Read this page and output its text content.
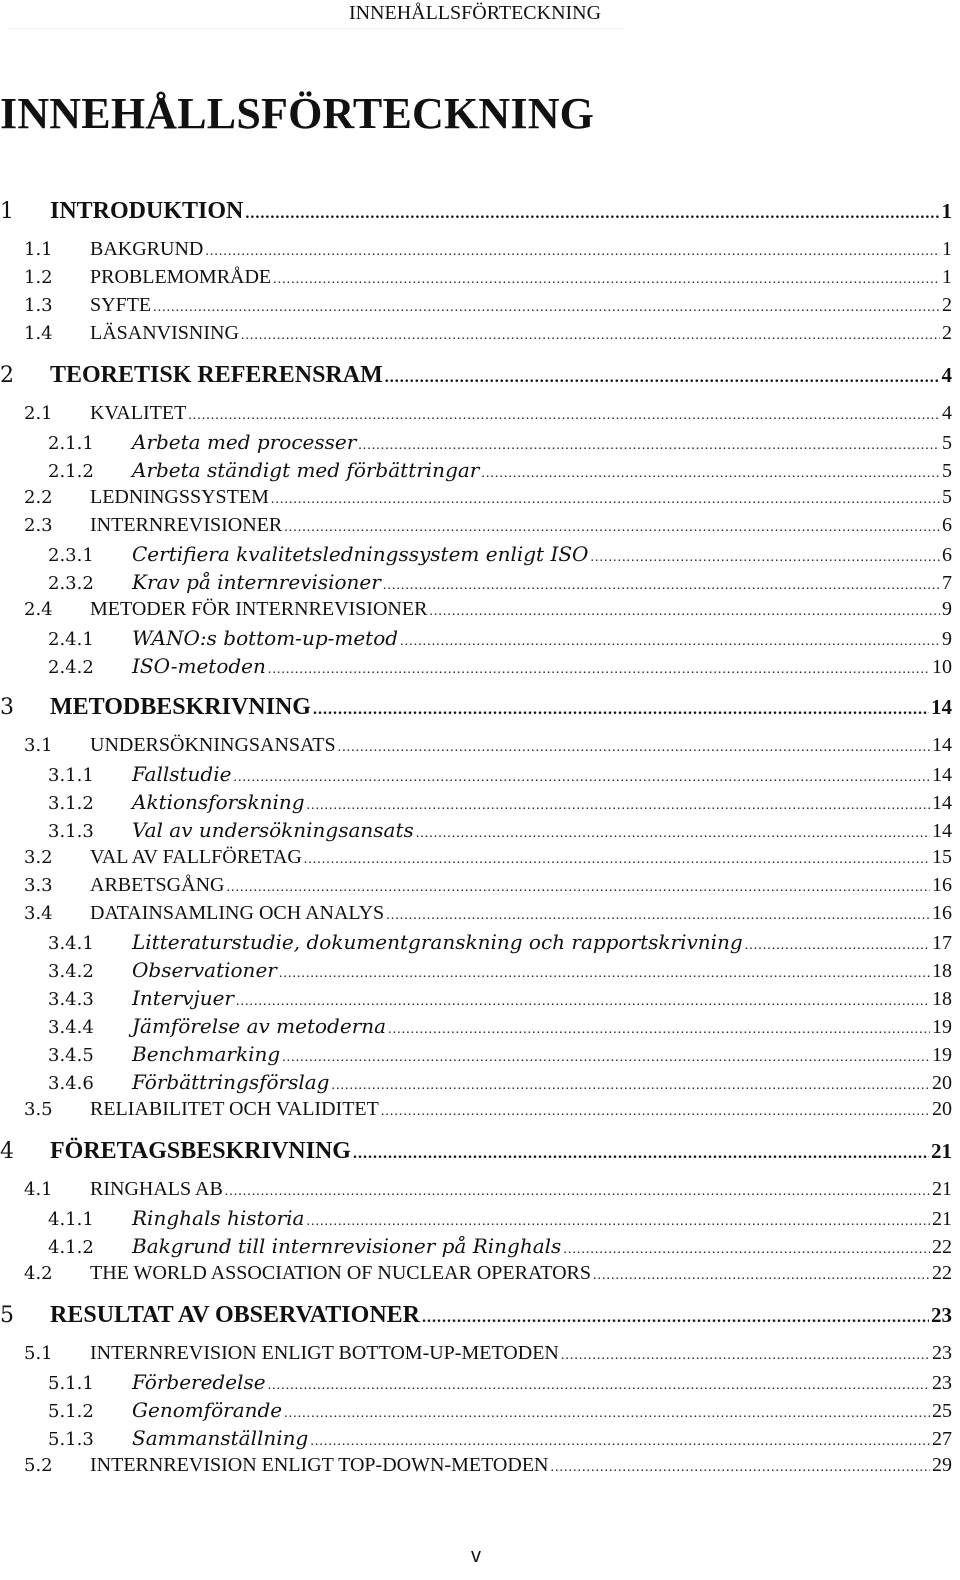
INNEHÅLLSFÖRTECKNING
INNEHÅLLSFÖRTECKNING
1	INTRODUKTION .....	1
1.1	BAKGRUND .....	1
1.2	PROBLEMOMRÅDE .....	1
1.3	SYFTE .....	2
1.4	LÄSANVISNING .....	2
2	TEORETISK REFERENSRAM .....	4
2.1	KVALITET .....	4
2.1.1	Arbeta med processer .....	5
2.1.2	Arbeta ständigt med förbättringar .....	5
2.2	LEDNINGSSYSTEM .....	5
2.3	INTERNREVISIONER .....	6
2.3.1	Certifiera kvalitetsledningssystem enligt ISO .....	6
2.3.2	Krav på internrevisioner .....	7
2.4	METODER FÖR INTERNREVISIONER .....	9
2.4.1	WANO:s bottom-up-metod .....	9
2.4.2	ISO-metoden .....	10
3	METODBESKRIVNING .....	14
3.1	UNDERSÖKNINGSANSATS .....	14
3.1.1	Fallstudie .....	14
3.1.2	Aktionsforskning .....	14
3.1.3	Val av undersökningsansats .....	14
3.2	VAL AV FALLFÖRETAG .....	15
3.3	ARBETSGÅNG .....	16
3.4	DATAINSAMLING OCH ANALYS .....	16
3.4.1	Litteraturstudie, dokumentgranskning och rapportskrivning .....	17
3.4.2	Observationer .....	18
3.4.3	Intervjuer .....	18
3.4.4	Jämförelse av metoderna .....	19
3.4.5	Benchmarking .....	19
3.4.6	Förbättringsförslag .....	20
3.5	RELIABILITET OCH VALIDITET .....	20
4	FÖRETAGSBESKRIVNING .....	21
4.1	RINGHALS AB .....	21
4.1.1	Ringhals historia .....	21
4.1.2	Bakgrund till internrevisioner på Ringhals .....	22
4.2	THE WORLD ASSOCIATION OF NUCLEAR OPERATORS .....	22
5	RESULTAT AV OBSERVATIONER .....	23
5.1	INTERNREVISION ENLIGT BOTTOM-UP-METODEN .....	23
5.1.1	Förberedelse .....	23
5.1.2	Genomförande .....	25
5.1.3	Sammanställning .....	27
5.2	INTERNREVISION ENLIGT TOP-DOWN-METODEN .....	29
v
